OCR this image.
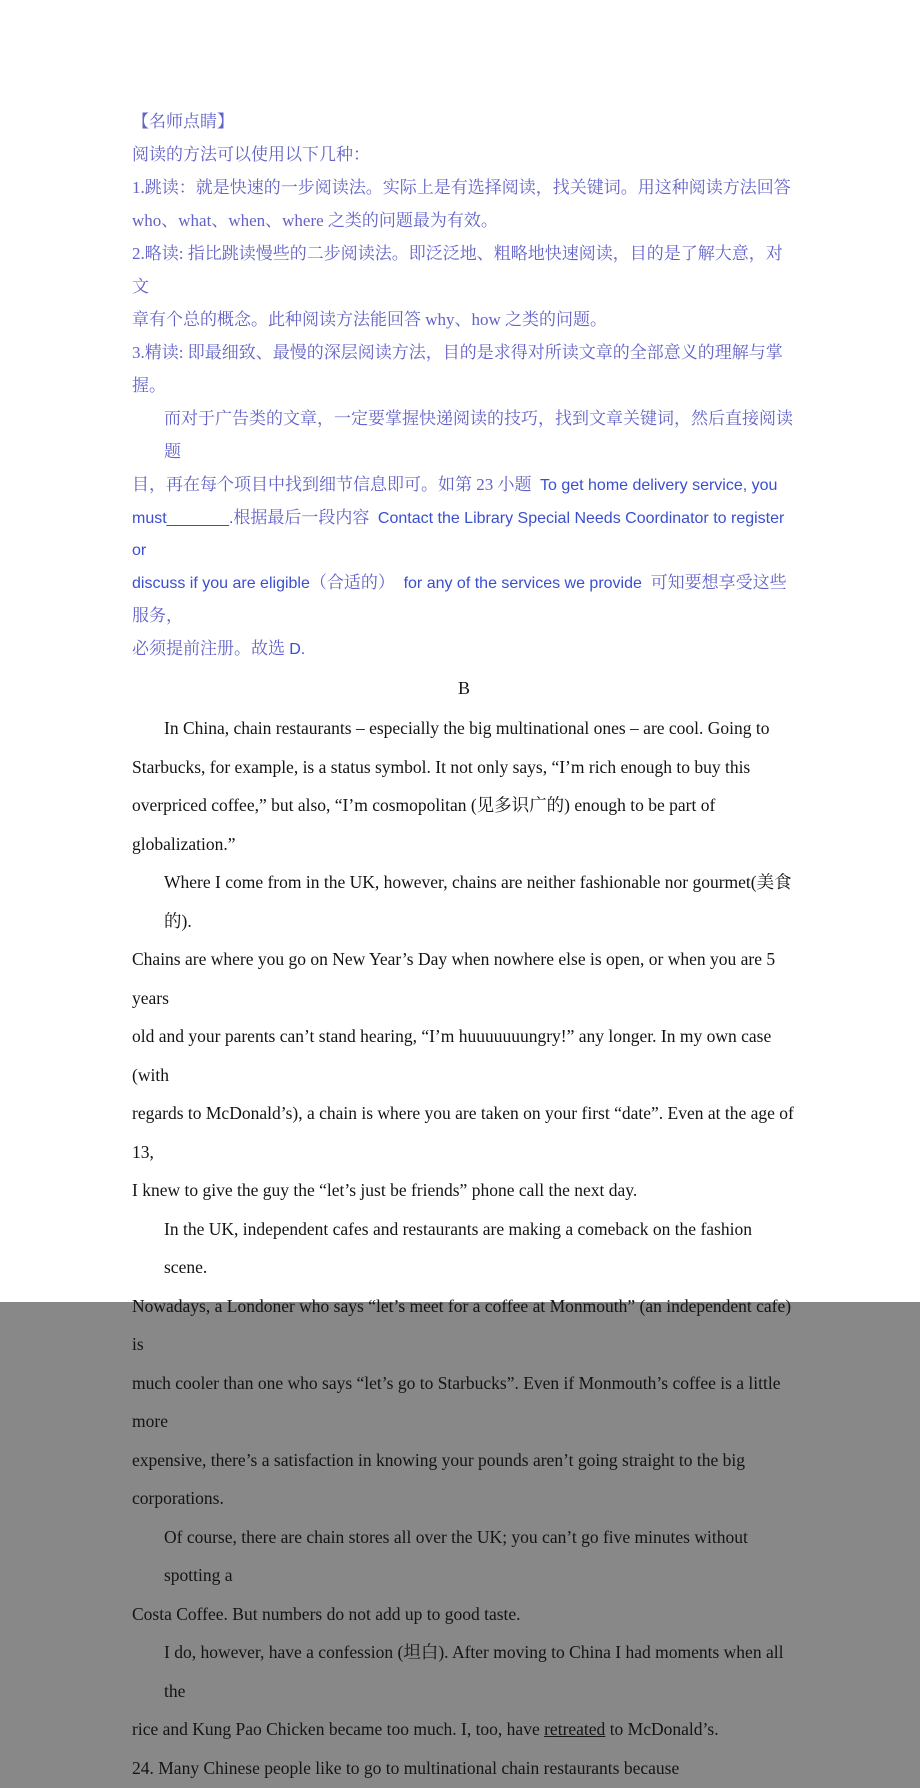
【名师点睛】
阅读的方法可以使用以下几种：
1.跳读：就是快速的一步阅读法。实际上是有选择阅读，找关键词。用这种阅读方法回答
who、what、when、where 之类的问题最为有效。
2.略读: 指比跳读慢些的二步阅读法。即泛泛地、粗略地快速阅读，目的是了解大意，对文
章有个总的概念。此种阅读方法能回答 why、how 之类的问题。
3.精读: 即最细致、最慢的深层阅读方法，目的是求得对所读文章的全部意义的理解与掌握。
而对于广告类的文章，一定要掌握快递阅读的技巧，找到文章关键词，然后直接阅读题
目，再在每个项目中找到细节信息即可。如第 23 小题  To get home delivery service, you
must_______.根据最后一段内容  Contact the Library Special Needs Coordinator to register or
discuss if you are eligible（合适的）  for any of the services we provide  可知要想享受这些服务，
必须提前注册。故选 D.
B
In China, chain restaurants – especially the big multinational ones – are cool. Going to
Starbucks, for example, is a status symbol. It not only says, “I’m rich enough to buy this
overpriced coffee,” but also, “I’m cosmopolitan (见多识广的) enough to be part of globalization.”
Where I come from in the UK, however, chains are neither fashionable nor gourmet(美食的).
Chains are where you go on New Year’s Day when nowhere else is open, or when you are 5 years
old and your parents can’t stand hearing, “I’m huuuuuuungry!” any longer. In my own case (with
regards to McDonald’s), a chain is where you are taken on your first “date”. Even at the age of 13,
I knew to give the guy the “let’s just be friends” phone call the next day.
In the UK, independent cafes and restaurants are making a comeback on the fashion scene.
Nowadays, a Londoner who says “let’s meet for a coffee at Monmouth” (an independent cafe) is
much cooler than one who says “let’s go to Starbucks”. Even if Monmouth’s coffee is a little more
expensive, there’s a satisfaction in knowing your pounds aren’t going straight to the big
corporations.
Of course, there are chain stores all over the UK; you can’t go five minutes without spotting a
Costa Coffee. But numbers do not add up to good taste.
I do, however, have a confession (坦白). After moving to China I had moments when all the
rice and Kung Pao Chicken became too much. I, too, have retreated to McDonald’s.
24. Many Chinese people like to go to multinational chain restaurants because
